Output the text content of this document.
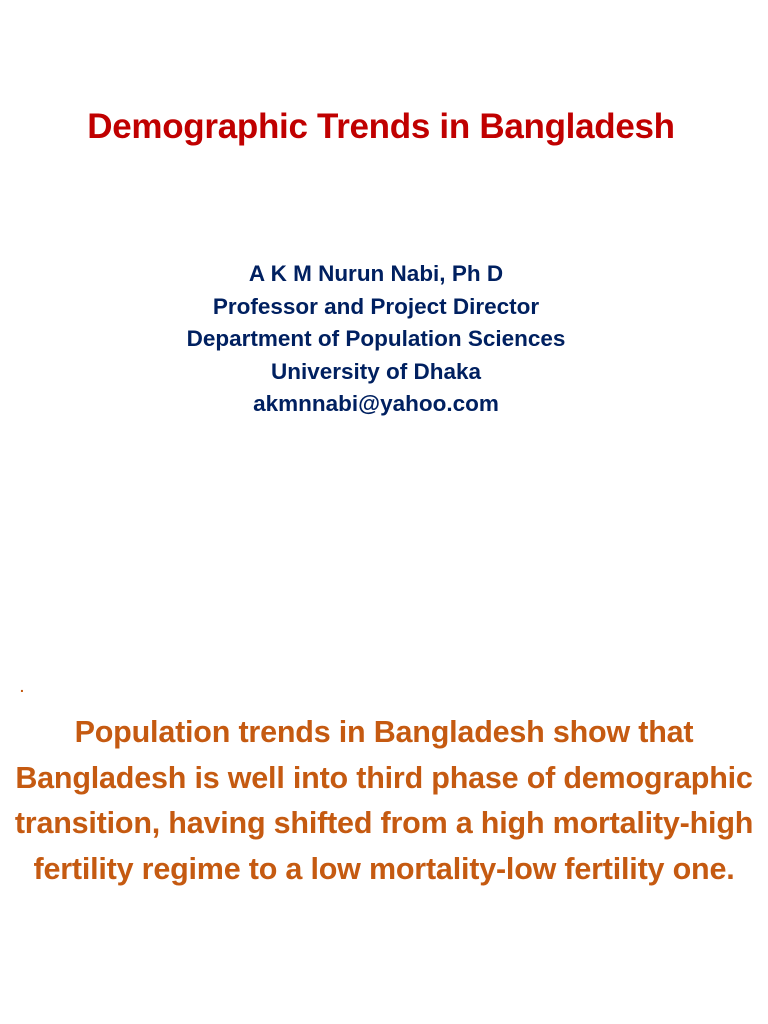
Demographic Trends in Bangladesh
A K M Nurun Nabi, Ph D
Professor and Project Director
Department of Population Sciences
University of Dhaka
akmnnabi@yahoo.com
.

Population trends in Bangladesh show that Bangladesh is well into third phase of demographic transition, having shifted from a high mortality-high fertility regime to a low mortality-low fertility one.
